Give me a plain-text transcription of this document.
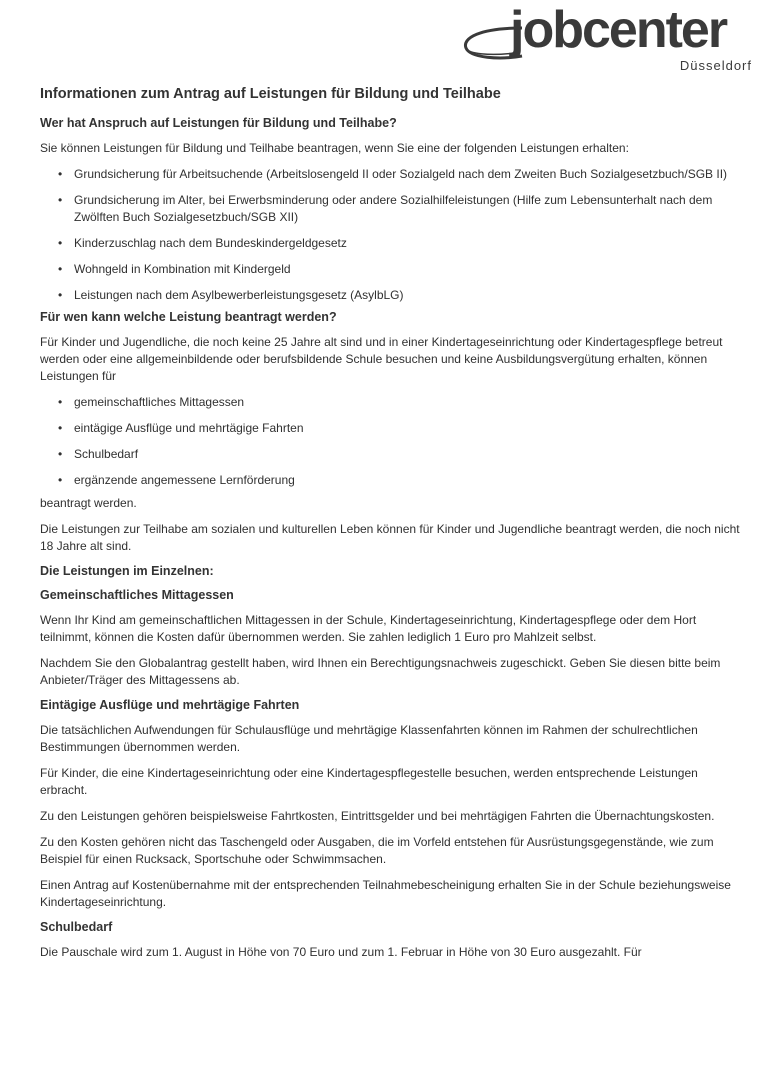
jobcenter
Düsseldorf
Informationen zum Antrag auf Leistungen für Bildung und Teilhabe
Wer hat Anspruch auf Leistungen für Bildung und Teilhabe?

Sie können Leistungen für Bildung und Teilhabe beantragen, wenn Sie eine der folgenden Leistungen erhalten:

• Grundsicherung für Arbeitsuchende (Arbeitslosengeld II oder Sozialgeld nach dem Zweiten Buch Sozialgesetzbuch/SGB II)
• Grundsicherung im Alter, bei Erwerbsminderung oder andere Sozialhilfeleistungen (Hilfe zum Lebensunterhalt nach dem Zwölften Buch Sozialgesetzbuch/SGB XII)
• Kinderzuschlag nach dem Bundeskindergeldgesetz
• Wohngeld in Kombination mit Kindergeld
• Leistungen nach dem Asylbewerberleistungsgesetz (AsylbLG)
Für wen kann welche Leistung beantragt werden?

Für Kinder und Jugendliche, die noch keine 25 Jahre alt sind und in einer Kindertageseinrichtung oder Kindertagespflege betreut werden oder eine allgemeinbildende oder berufsbildende Schule besuchen und keine Ausbildungsvergütung erhalten, können Leistungen für

• gemeinschaftliches Mittagessen
• eintägige Ausflüge und mehrtägige Fahrten
• Schulbedarf
• ergänzende angemessene Lernförderung

beantragt werden.

Die Leistungen zur Teilhabe am sozialen und kulturellen Leben können für Kinder und Jugendliche beantragt werden, die noch nicht 18 Jahre alt sind.

Die Leistungen im Einzelnen:
Gemeinschaftliches Mittagessen

Wenn Ihr Kind am gemeinschaftlichen Mittagessen in der Schule, Kindertageseinrichtung, Kindertagespflege oder dem Hort teilnimmt, können die Kosten dafür übernommen werden. Sie zahlen lediglich 1 Euro pro Mahlzeit selbst.

Nachdem Sie den Globalantrag gestellt haben, wird Ihnen ein Berechtigungsnachweis zugeschickt. Geben Sie diesen bitte beim Anbieter/Träger des Mittagessens ab.

Eintägige Ausflüge und mehrtägige Fahrten

Die tatsächlichen Aufwendungen für Schulausflüge und mehrtägige Klassenfahrten können im Rahmen der schulrechtlichen Bestimmungen übernommen werden.

Für Kinder, die eine Kindertageseinrichtung oder eine Kindertagespflegestelle besuchen, werden entsprechende Leistungen erbracht.

Zu den Leistungen gehören beispielsweise Fahrtkosten, Eintrittsgelder und bei mehrtägigen Fahrten die Übernachtungskosten.

Zu den Kosten gehören nicht das Taschengeld oder Ausgaben, die im Vorfeld entstehen für Ausrüstungsgegenstände, wie zum Beispiel für einen Rucksack, Sportschuhe oder Schwimmsachen.

Einen Antrag auf Kostenübernahme mit der entsprechenden Teilnahmebescheinigung erhalten Sie in der Schule beziehungsweise Kindertageseinrichtung.

Schulbedarf

Die Pauschale wird zum 1. August in Höhe von 70 Euro und zum 1. Februar in Höhe von 30 Euro ausgezahlt. Für
